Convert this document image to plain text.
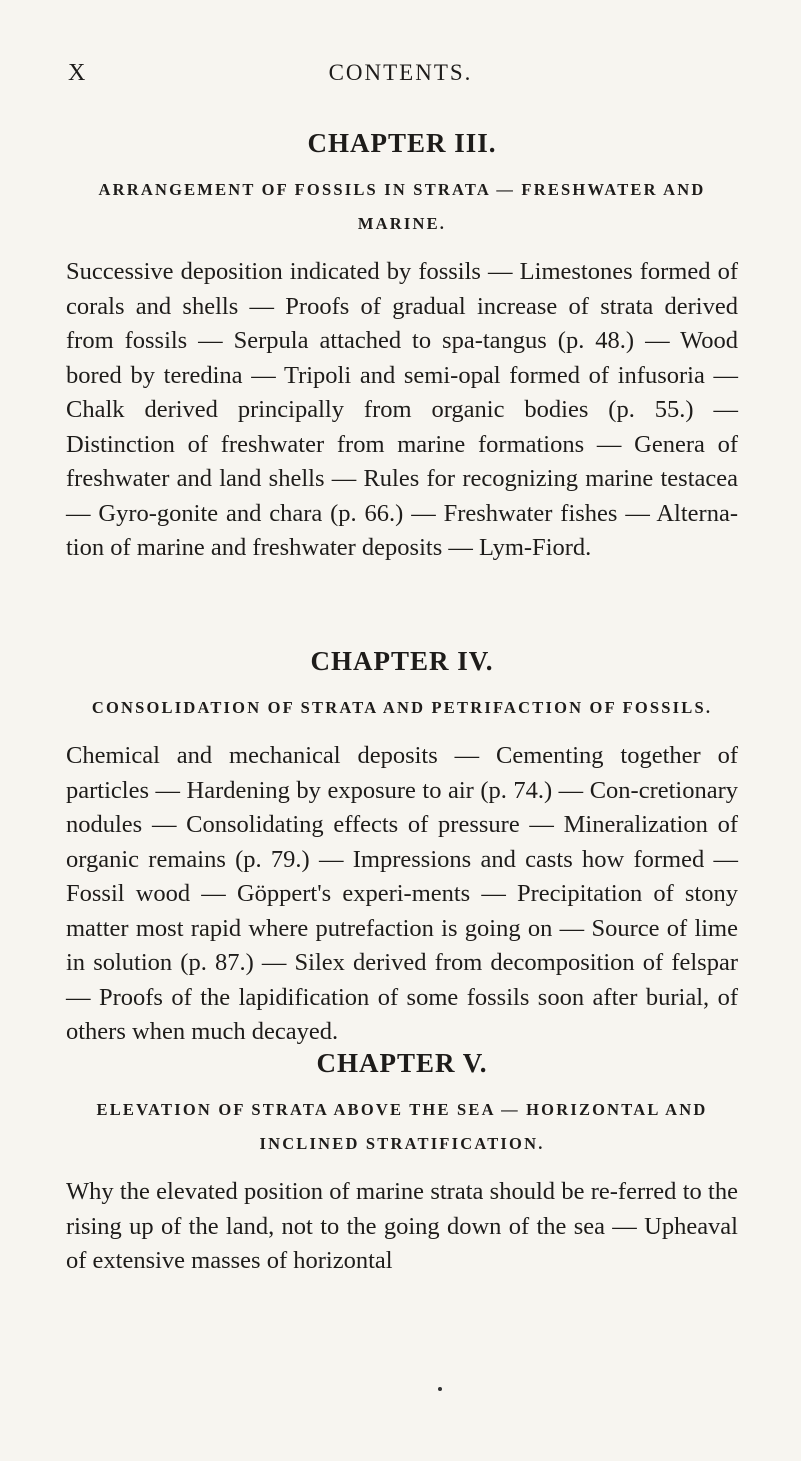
X	CONTENTS.
CHAPTER III.

ARRANGEMENT OF FOSSILS IN STRATA — FRESHWATER AND MARINE.

Successive deposition indicated by fossils — Limestones formed of corals and shells — Proofs of gradual increase of strata derived from fossils — Serpula attached to spa-tangus (p. 48.) — Wood bored by teredina — Tripoli and semi-opal formed of infusoria — Chalk derived principally from organic bodies (p. 55.) — Distinction of freshwater from marine formations — Genera of freshwater and land shells — Rules for recognizing marine testacea — Gyro-gonite and chara (p. 66.) — Freshwater fishes — Alterna-tion of marine and freshwater deposits — Lym-Fiord.

CHAPTER IV.

CONSOLIDATION OF STRATA AND PETRIFACTION OF FOSSILS.

Chemical and mechanical deposits — Cementing together of particles — Hardening by exposure to air (p. 74.) — Con-cretionary nodules — Consolidating effects of pressure — Mineralization of organic remains (p. 79.) — Impressions and casts how formed — Fossil wood — Göppert's experi-ments — Precipitation of stony matter most rapid where putrefaction is going on — Source of lime in solution (p. 87.) — Silex derived from decomposition of felspar — Proofs of the lapidification of some fossils soon after burial, of others when much decayed.

CHAPTER V.

ELEVATION OF STRATA ABOVE THE SEA — HORIZONTAL AND INCLINED STRATIFICATION.

Why the elevated position of marine strata should be re-ferred to the rising up of the land, not to the going down of the sea — Upheaval of extensive masses of horizontal
